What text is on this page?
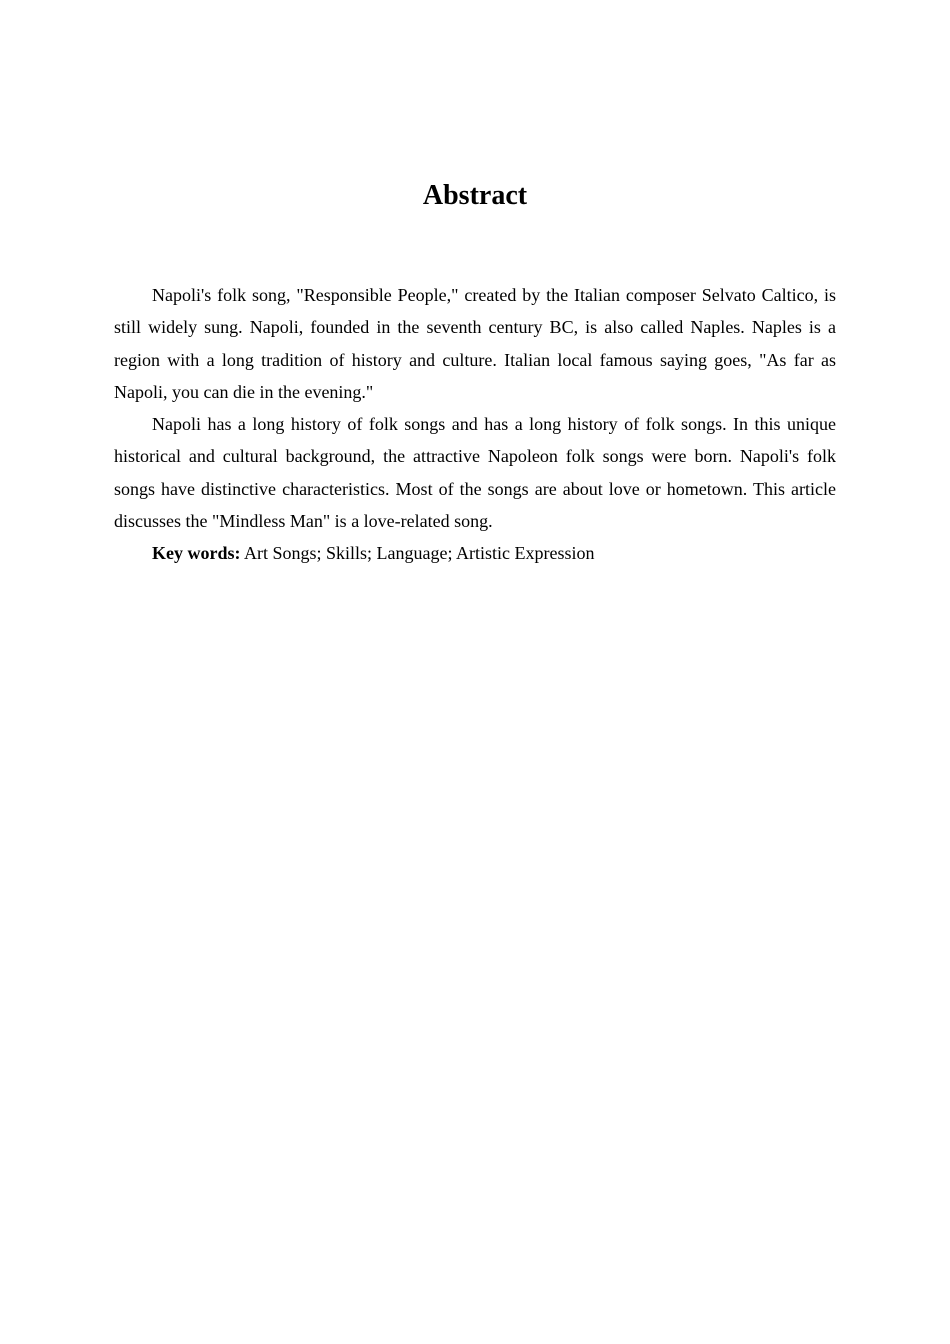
Abstract

Napoli's folk song, "Responsible People," created by the Italian composer Selvato Caltico, is still widely sung. Napoli, founded in the seventh century BC, is also called Naples. Naples is a region with a long tradition of history and culture. Italian local famous saying goes, "As far as Napoli, you can die in the evening."

Napoli has a long history of folk songs and has a long history of folk songs. In this unique historical and cultural background, the attractive Napoleon folk songs were born. Napoli's folk songs have distinctive characteristics. Most of the songs are about love or hometown. This article discusses the "Mindless Man" is a love-related song.

Key words: Art Songs; Skills; Language; Artistic Expression
